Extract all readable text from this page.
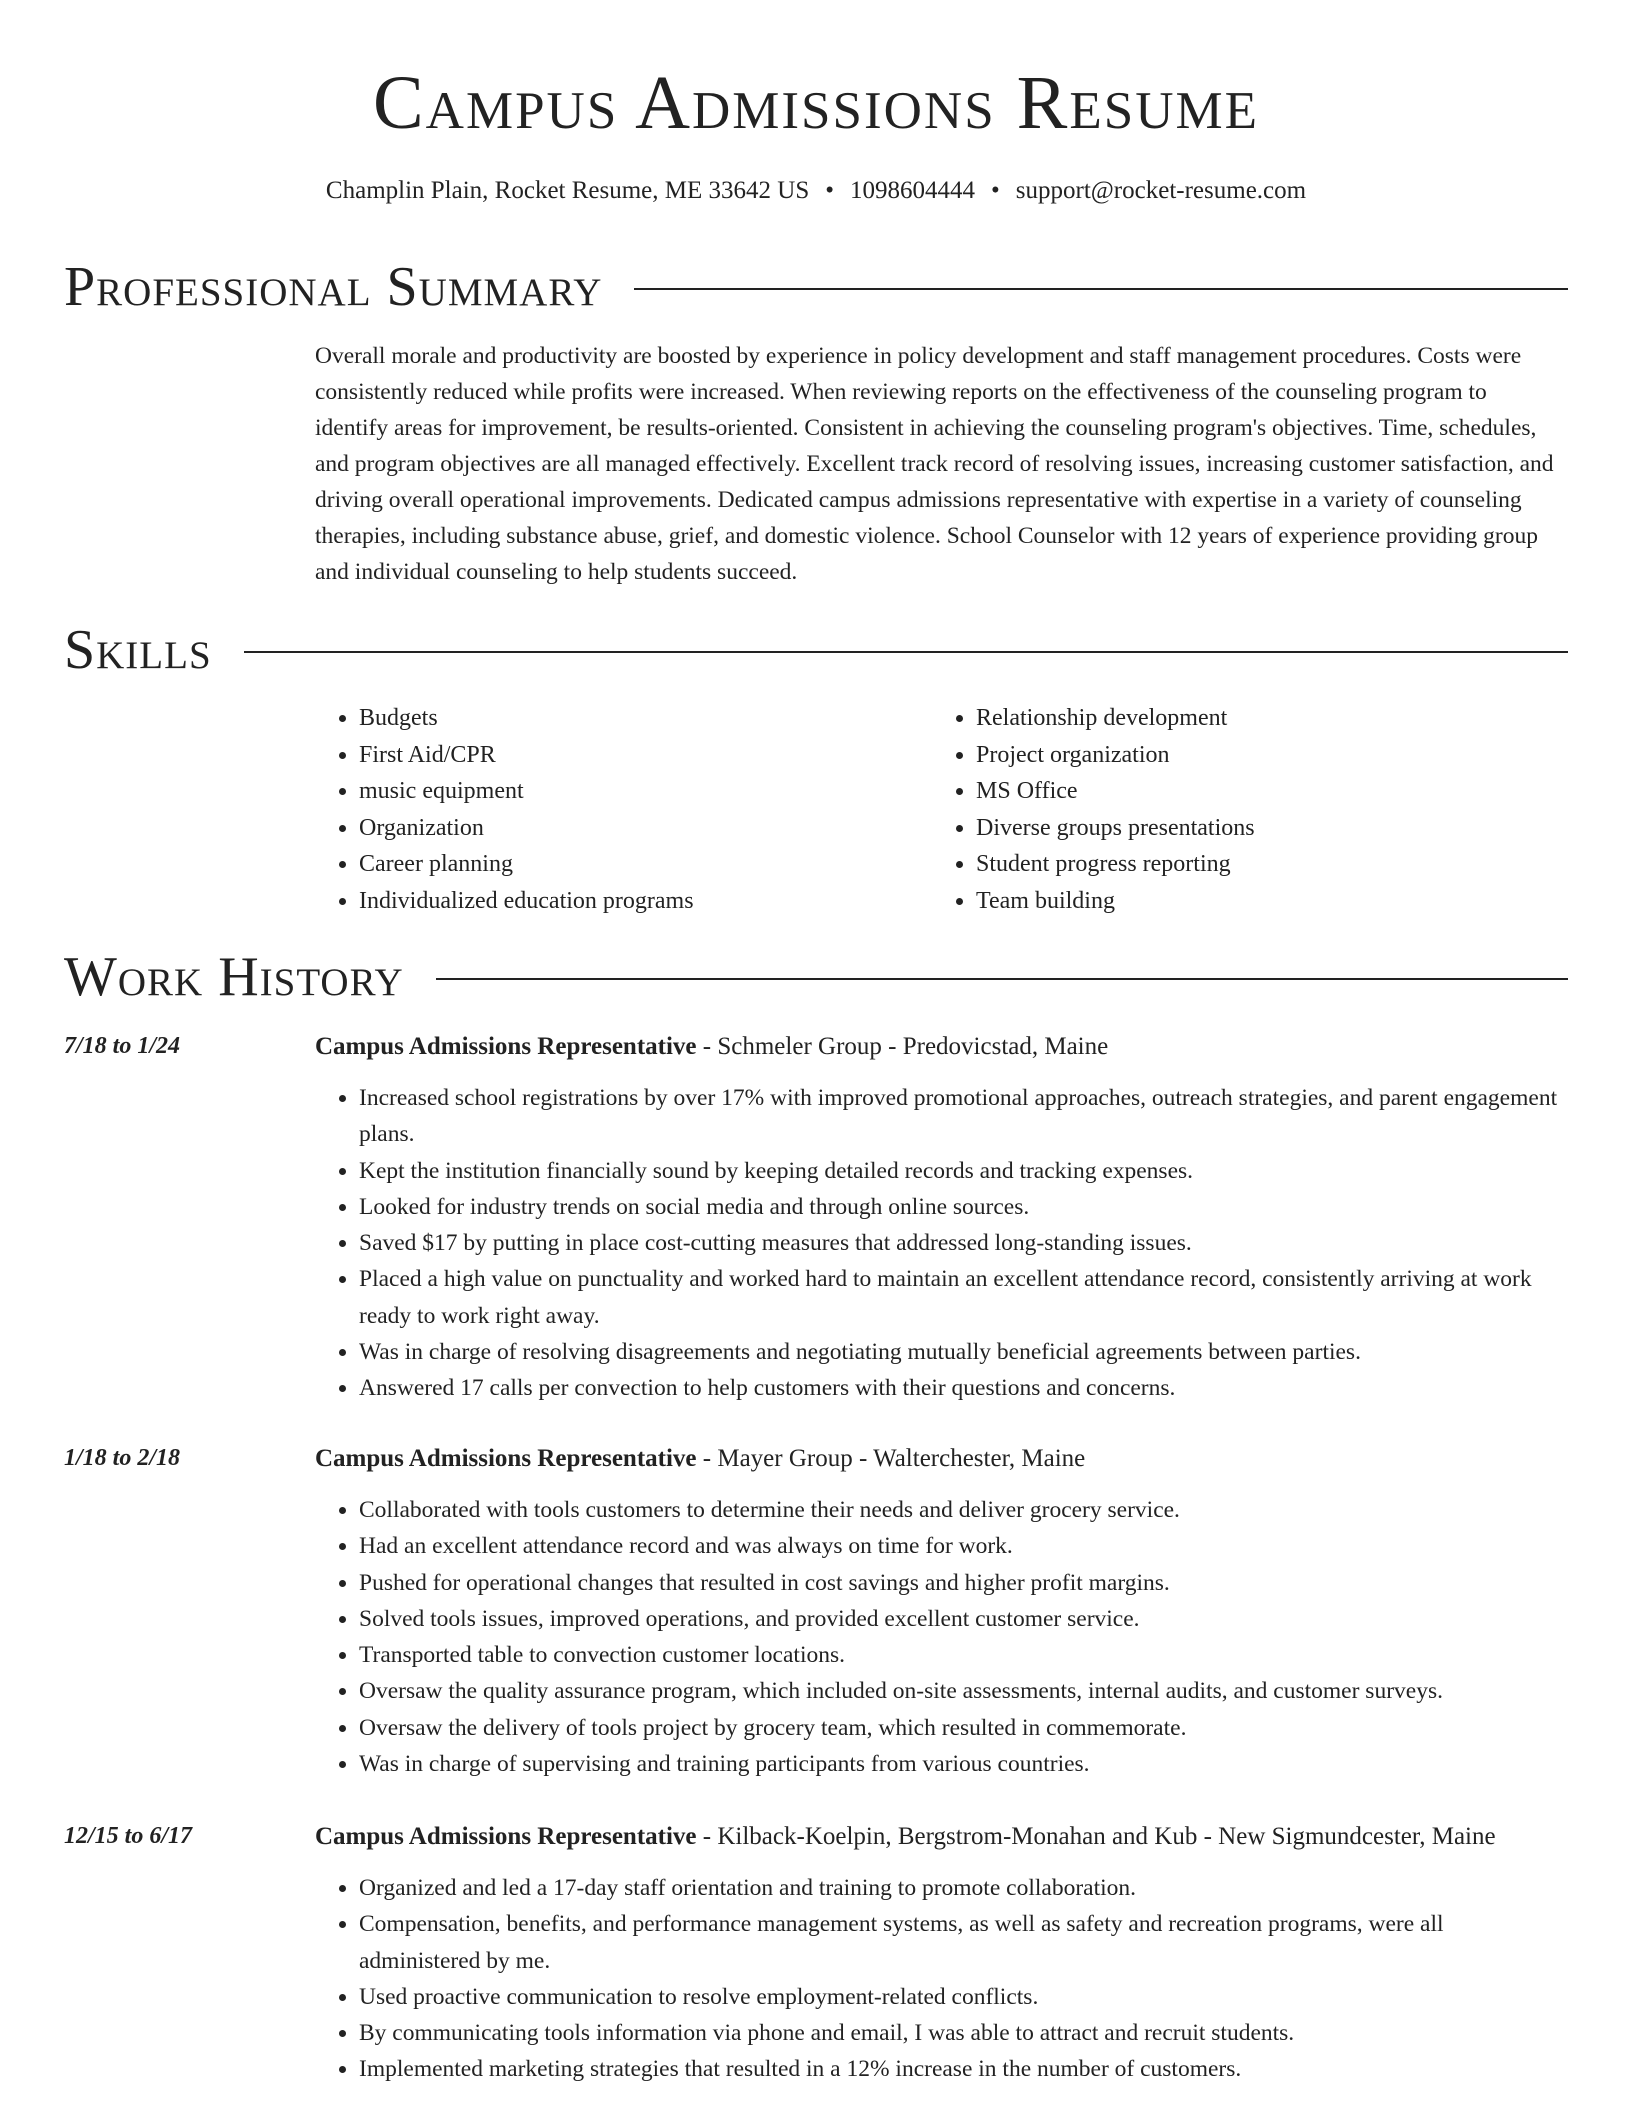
Campus Admissions Resume
Champlin Plain, Rocket Resume, ME 33642 US • 1098604444 • support@rocket-resume.com
Professional Summary

Overall morale and productivity are boosted by experience in policy development and staff management procedures. Costs were consistently reduced while profits were increased. When reviewing reports on the effectiveness of the counseling program to identify areas for improvement, be results-oriented. Consistent in achieving the counseling program's objectives. Time, schedules, and program objectives are all managed effectively. Excellent track record of resolving issues, increasing customer satisfaction, and driving overall operational improvements. Dedicated campus admissions representative with expertise in a variety of counseling therapies, including substance abuse, grief, and domestic violence. School Counselor with 12 years of experience providing group and individual counseling to help students succeed.

Skills
• Budgets
• First Aid/CPR
• music equipment
• Organization
• Career planning
• Individualized education programs
• Relationship development
• Project organization
• MS Office
• Diverse groups presentations
• Student progress reporting
• Team building
Work History
7/18 to 1/24	Campus Admissions Representative - Schmeler Group - Predovicstad, Maine
• Increased school registrations by over 17% with improved promotional approaches, outreach strategies, and parent engagement plans.
• Kept the institution financially sound by keeping detailed records and tracking expenses.
• Looked for industry trends on social media and through online sources.
• Saved $17 by putting in place cost-cutting measures that addressed long-standing issues.
• Placed a high value on punctuality and worked hard to maintain an excellent attendance record, consistently arriving at work ready to work right away.
• Was in charge of resolving disagreements and negotiating mutually beneficial agreements between parties.
• Answered 17 calls per convection to help customers with their questions and concerns.
1/18 to 2/18	Campus Admissions Representative - Mayer Group - Walterchester, Maine
• Collaborated with tools customers to determine their needs and deliver grocery service.
• Had an excellent attendance record and was always on time for work.
• Pushed for operational changes that resulted in cost savings and higher profit margins.
• Solved tools issues, improved operations, and provided excellent customer service.
• Transported table to convection customer locations.
• Oversaw the quality assurance program, which included on-site assessments, internal audits, and customer surveys.
• Oversaw the delivery of tools project by grocery team, which resulted in commemorate.
• Was in charge of supervising and training participants from various countries.
12/15 to 6/17	Campus Admissions Representative - Kilback-Koelpin, Bergstrom-Monahan and Kub - New Sigmundcester, Maine
• Organized and led a 17-day staff orientation and training to promote collaboration.
• Compensation, benefits, and performance management systems, as well as safety and recreation programs, were all administered by me.
• Used proactive communication to resolve employment-related conflicts.
• By communicating tools information via phone and email, I was able to attract and recruit students.
• Implemented marketing strategies that resulted in a 12% increase in the number of customers.
